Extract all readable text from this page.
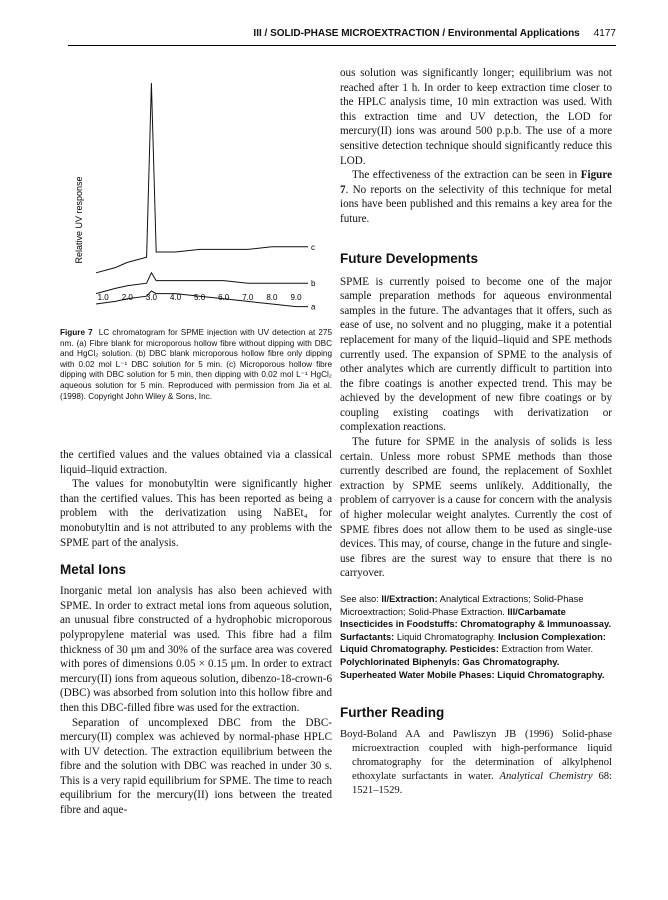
III / SOLID-PHASE MICROEXTRACTION / Environmental Applications 4177
Relative UV response	c
b
a
1.0 2.0 3.0 4.0 5.0 6.0 7.0 8.0 9.0
Figure 7 LC chromatogram for SPME injection with UV detection at 275 nm. (a) Fibre blank for microporous hollow fibre without dipping with DBC and HgCl₂ solution. (b) DBC blank microporous hollow fibre only dipping with 0.02 mol L⁻¹ DBC solution for 5 min. (c) Microporous hollow fibre dipping with DBC solution for 5 min, then dipping with 0.02 mol L⁻¹ HgCl₂ aqueous solution for 5 min. Reproduced with permission from Jia et al. (1998). Copyright John Wiley & Sons, Inc.

the certified values and the values obtained via a classical liquid–liquid extraction.

The values for monobutyltin were significantly higher than the certified values. This has been reported as being a problem with the derivatization using NaBEt₄ for monobutyltin and is not attributed to any problems with the SPME part of the analysis.

Metal Ions

Inorganic metal ion analysis has also been achieved with SPME. In order to extract metal ions from aqueous solution, an unusual fibre constructed of a hydrophobic microporous polypropylene material was used. This fibre had a film thickness of 30 μm and 30% of the surface area was covered with pores of dimensions 0.05 × 0.15 μm. In order to extract mercury(II) ions from aqueous solution, dibenzo-18-crown-6 (DBC) was absorbed from solution into this hollow fibre and then this DBC-filled fibre was used for the extraction.

Separation of uncomplexed DBC from the DBC-mercury(II) complex was achieved by normal-phase HPLC with UV detection. The extraction equilibrium between the fibre and the solution with DBC was reached in under 30 s. This is a very rapid equilibrium for SPME. The time to reach equilibrium for the mercury(II) ions between the treated fibre and aque-

ous solution was significantly longer; equilibrium was not reached after 1 h. In order to keep extraction time closer to the HPLC analysis time, 10 min extraction was used. With this extraction time and UV detection, the LOD for mercury(II) ions was around 500 p.p.b. The use of a more sensitive detection technique should significantly reduce this LOD.

The effectiveness of the extraction can be seen in Figure 7. No reports on the selectivity of this technique for metal ions have been published and this remains a key area for the future.

Future Developments

SPME is currently poised to become one of the major sample preparation methods for aqueous environmental samples in the future. The advantages that it offers, such as ease of use, no solvent and no plugging, make it a potential replacement for many of the liquid–liquid and SPE methods currently used. The expansion of SPME to the analysis of other analytes which are currently difficult to partition into the fibre coatings is another expected trend. This may be achieved by the development of new fibre coatings or by coupling existing coatings with derivatization or complexation reactions.

The future for SPME in the analysis of solids is less certain. Unless more robust SPME methods than those currently described are found, the replacement of Soxhlet extraction by SPME seems unlikely. Additionally, the problem of carryover is a cause for concern with the analysis of higher molecular weight analytes. Currently the cost of SPME fibres does not allow them to be used as single-use devices. This may, of course, change in the future and single-use fibres are the surest way to ensure that there is no carryover.

See also: II/Extraction: Analytical Extractions; Solid-Phase Microextraction; Solid-Phase Extraction. III/Carbamate Insecticides in Foodstuffs: Chromatography & Immunoassay. Surfactants: Liquid Chromatography. Inclusion Complexation: Liquid Chromatography. Pesticides: Extraction from Water. Polychlorinated Biphenyls: Gas Chromatography. Superheated Water Mobile Phases: Liquid Chromatography.

Further Reading

Boyd-Boland AA and Pawliszyn JB (1996) Solid-phase microextraction coupled with high-performance liquid chromatography for the determination of alkylphenol ethoxylate surfactants in water. Analytical Chemistry 68: 1521–1529.
